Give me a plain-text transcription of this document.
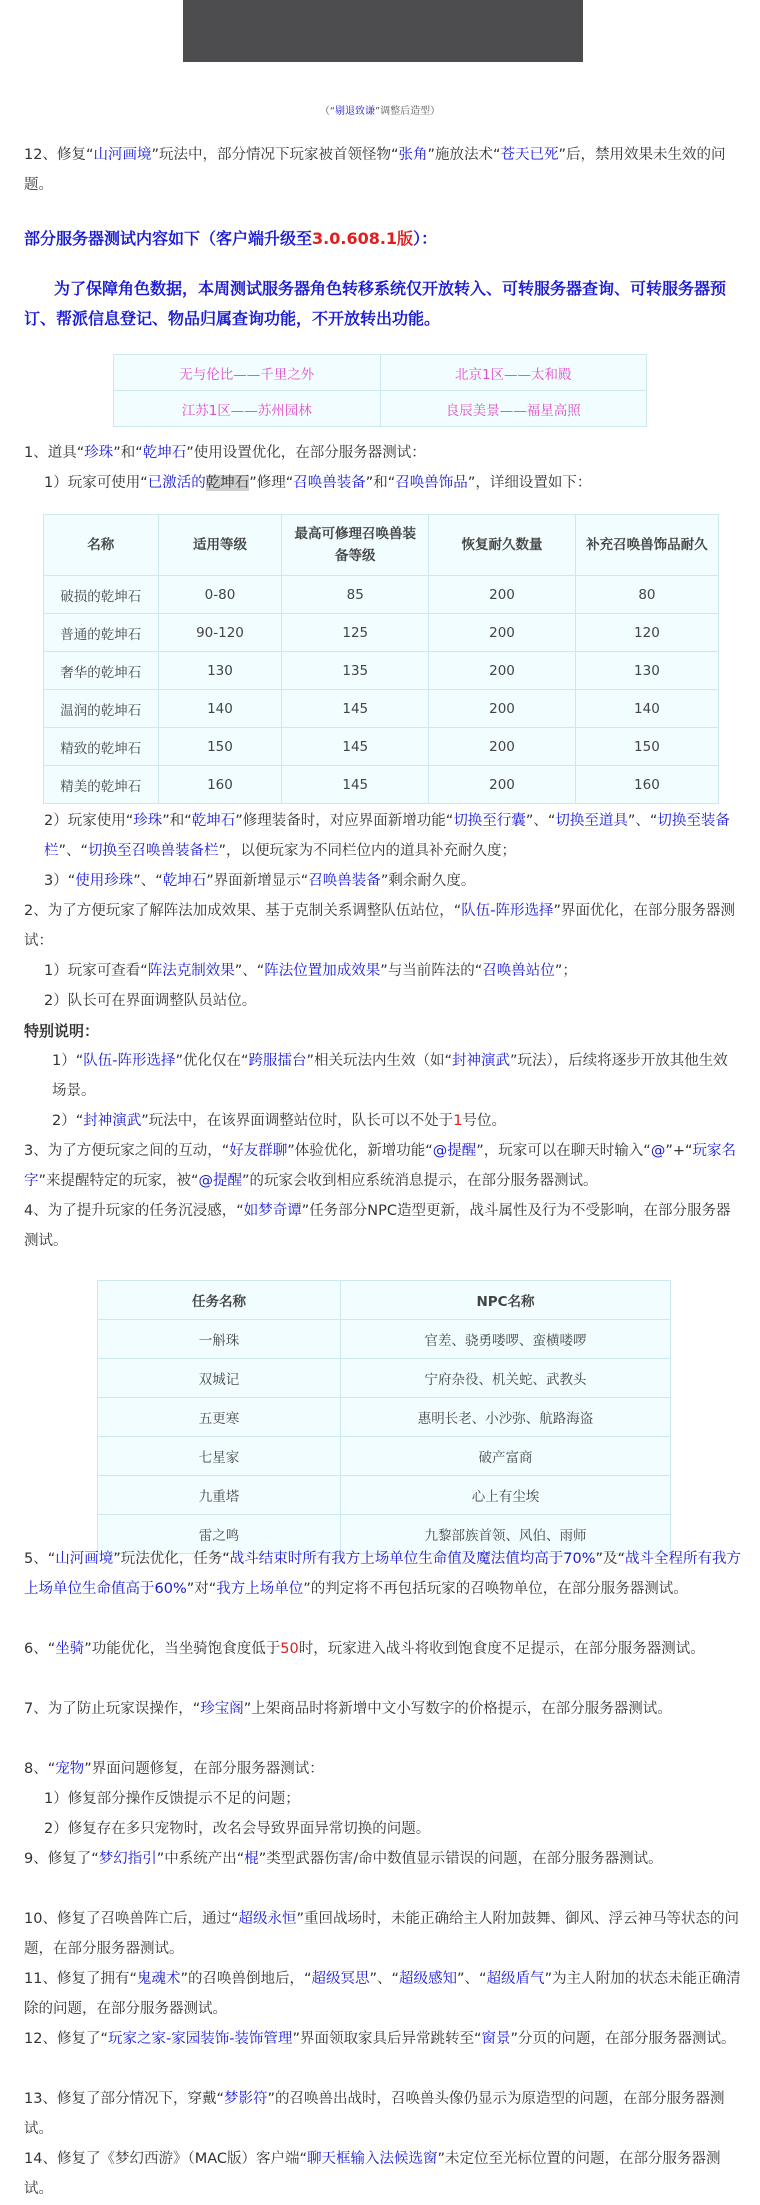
（“剔退致谦”调整后造型）

12、修复“山河画境”玩法中，部分情况下玩家被首领怪物“张角”施放法术“苍天已死”后，禁用效果未生效的问题。

部分服务器测试内容如下（客户端升级至3.0.608.1版）：
为了保障角色数据，本周测试服务器角色转移系统仅开放转入、可转服务器查询、可转服务器预订、帮派信息登记、物品归属查询功能，不开放转出功能。
无与伦比——千里之外	北京1区——太和殿
江苏1区——苏州园林	良辰美景——福星高照

1、道具“珍珠”和“乾坤石”使用设置优化，在部分服务器测试：

1）玩家可使用“已激活的乾坤石”修理“召唤兽装备”和“召唤兽饰品”，详细设置如下：

名称	适用等级	最高可修理召唤兽装备等级	恢复耐久数量	补充召唤兽饰品耐久
破损的乾坤石	0-80	85	200	80
普通的乾坤石	90-120	125	200	120
奢华的乾坤石	130	135	200	130
温润的乾坤石	140	145	200	140
精致的乾坤石	150	145	200	150
精美的乾坤石	160	145	200	160

2）玩家使用“珍珠”和“乾坤石”修理装备时，对应界面新增功能“切换至行囊”、“切换至道具”、“切换至装备栏”、“切换至召唤兽装备栏”，以便玩家为不同栏位内的道具补充耐久度；

3）“使用珍珠”、“乾坤石”界面新增显示“召唤兽装备”剩余耐久度。

2、为了方便玩家了解阵法加成效果、基于克制关系调整队伍站位，“队伍-阵形选择”界面优化，在部分服务器测试：

1）玩家可查看“阵法克制效果”、“阵法位置加成效果”与当前阵法的“召唤兽站位”；

2）队长可在界面调整队员站位。

特别说明：

1）“队伍-阵形选择”优化仅在“跨服擂台”相关玩法内生效（如“封神演武”玩法），后续将逐步开放其他生效场景。

2）“封神演武”玩法中，在该界面调整站位时，队长可以不处于1号位。

3、为了方便玩家之间的互动，“好友群聊”体验优化，新增功能“@提醒”，玩家可以在聊天时输入“@”+“玩家名字”来提醒特定的玩家，被“@提醒”的玩家会收到相应系统消息提示，在部分服务器测试。

4、为了提升玩家的任务沉浸感，“如梦奇谭”任务部分NPC造型更新，战斗属性及行为不受影响，在部分服务器测试。

任务名称	NPC名称
一斛珠	官差、骁勇喽啰、蛮横喽啰
双城记	宁府杂役、机关蛇、武教头
五更寒	惠明长老、小沙弥、航路海盗
七星家	破产富商
九重塔	心上有尘埃
雷之鸣	九黎部族首领、风伯、雨师

5、“山河画境”玩法优化，任务“战斗结束时所有我方上场单位生命值及魔法值均高于70%”及“战斗全程所有我方上场单位生命值高于60%”对“我方上场单位”的判定将不再包括玩家的召唤物单位，在部分服务器测试。

6、“坐骑”功能优化，当坐骑饱食度低于50时，玩家进入战斗将收到饱食度不足提示，在部分服务器测试。

7、为了防止玩家误操作，“珍宝阁”上架商品时将新增中文小写数字的价格提示，在部分服务器测试。

8、“宠物”界面问题修复，在部分服务器测试：

1）修复部分操作反馈提示不足的问题；

2）修复存在多只宠物时，改名会导致界面异常切换的问题。

9、修复了“梦幻指引”中系统产出“棍”类型武器伤害/命中数值显示错误的问题，在部分服务器测试。

10、修复了召唤兽阵亡后，通过“超级永恒”重回战场时，未能正确给主人附加鼓舞、御风、浮云神马等状态的问题，在部分服务器测试。

11、修复了拥有“鬼魂术”的召唤兽倒地后，“超级冥思”、“超级感知”、“超级盾气”为主人附加的状态未能正确清除的问题，在部分服务器测试。

12、修复了“玩家之家-家园装饰-装饰管理”界面领取家具后异常跳转至“窗景”分页的问题，在部分服务器测试。

13、修复了部分情况下，穿戴“梦影符”的召唤兽出战时，召唤兽头像仍显示为原造型的问题，在部分服务器测试。

14、修复了《梦幻西游》（MAC版）客户端“聊天框输入法候选窗”未定位至光标位置的问题，在部分服务器测试。
